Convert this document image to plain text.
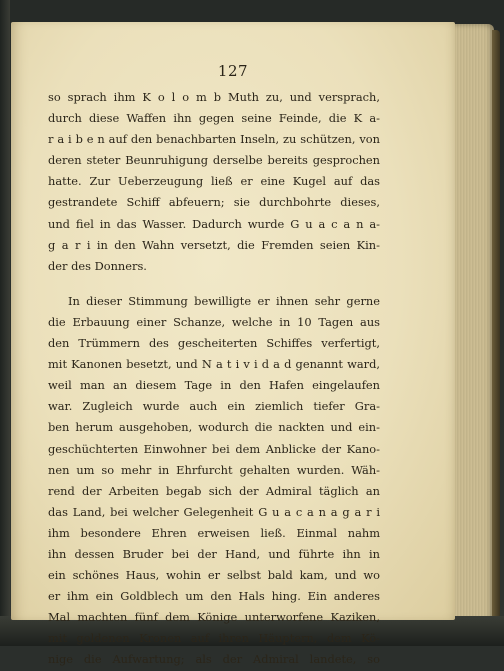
127
so sprach ihm K o l o m b Muth zu, und versprach,
durch diese Waffen ihn gegen seine Feinde, die K a-
r a i b e n auf den benachbarten Inseln, zu schützen, von
deren steter Beunruhigung derselbe bereits gesprochen
hatte. Zur Ueberzeugung ließ er eine Kugel auf das
gestrandete Schiff abfeuern; sie durchbohrte dieses,
und fiel in das Wasser. Dadurch wurde G u a c a n a-
g a r i in den Wahn versetzt, die Fremden seien Kin-
der des Donners.
In dieser Stimmung bewilligte er ihnen sehr gerne
die Erbauung einer Schanze, welche in 10 Tagen aus
den Trümmern des gescheiterten Schiffes verfertigt,
mit Kanonen besetzt, und N a t i v i d a d genannt ward,
weil man an diesem Tage in den Hafen eingelaufen
war. Zugleich wurde auch ein ziemlich tiefer Gra-
ben herum ausgehoben, wodurch die nackten und ein-
geschüchterten Einwohner bei dem Anblicke der Kano-
nen um so mehr in Ehrfurcht gehalten wurden. Wäh-
rend der Arbeiten begab sich der Admiral täglich an
das Land, bei welcher Gelegenheit G u a c a n a g a r i
ihm besondere Ehren erweisen ließ. Einmal nahm
ihn dessen Bruder bei der Hand, und führte ihn in
ein schönes Haus, wohin er selbst bald kam, und wo
er ihm ein Goldblech um den Hals hing. Ein anderes
Mal machten fünf dem Könige unterworfene Kaziken,
mit goldenen Kronen auf ihren Häuptern, dem Kö-
nige die Aufwartung; als der Admiral landete, so
